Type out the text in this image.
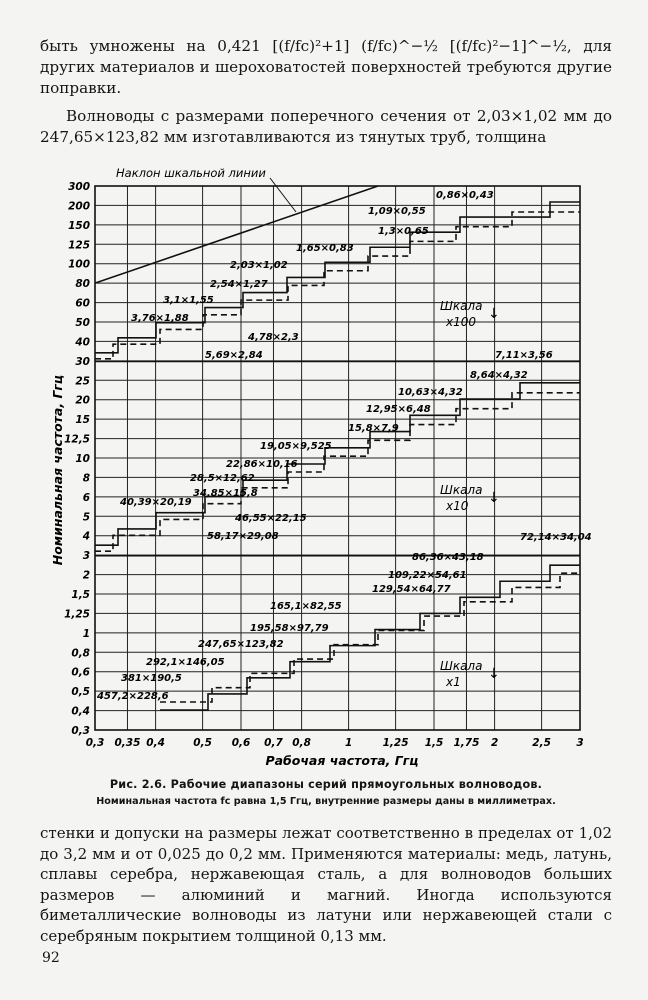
быть умножены на 0,421 [(f/fc)²+1] (f/fc)^−½ [(f/fc)²−1]^−½, для других материалов и шероховатостей поверхностей требуются другие поправки.

Волноводы с размерами поперечного сечения от 2,03×1,02 мм до 247,65×123,82 мм изготавливаются из тянутых труб, толщина

300
200
150
125
100
80
60
50
40
30
25
20
15
12,5
10
8
6
5
4
3
2
1,5
1,25
1
0,8
0,6
0,5
0,4
0,3
0,3 0,35 0,4	0,5 0,6 0,7 0,8	1	1,25 1,5 1,75 2	2,5 3
0,86×0,43
1,09×0,55
1,3×0,65
1,65×0,83
2,03×1,02
2,54×1,27
3,1×1,55
3,76×1,88
4,78×2,3
5,69×2,84	7,11×3,56
8,64×4,32
10,63×4,32
12,95×6,48
15,8×7,9
19,05×9,525
22,86×10,16
28,5×12,62
34,85×15,8
40,39×20,19
46,55×22,15
58,17×29,08	72,14×34,04
86,36×43,18
109,22×54,61
129,54×64,77
165,1×82,55
195,58×97,79
247,65×123,82
292,1×146,05
381×190,5
457,2×228,6
Шкала
x100 ↓
Шкала
x10 ↓
Шкала
x1 ↓
Номинальная частота, Ггц
Рабочая частота, Ггц
Наклон шкальной линии
Рис. 2.6. Рабочие диапазоны серий прямоугольных волноводов.
Номинальная частота fc равна 1,5 Ггц, внутренние размеры даны в миллиметрах.

стенки и допуски на размеры лежат соответственно в пределах от 1,02 до 3,2 мм и от 0,025 до 0,2 мм. Применяются материалы: медь, латунь, сплавы серебра, нержавеющая сталь, а для волноводов больших размеров — алюминий и магний. Иногда используются биметаллические волноводы из латуни или нержавеющей стали с серебряным покрытием толщиной 0,13 мм.

92
